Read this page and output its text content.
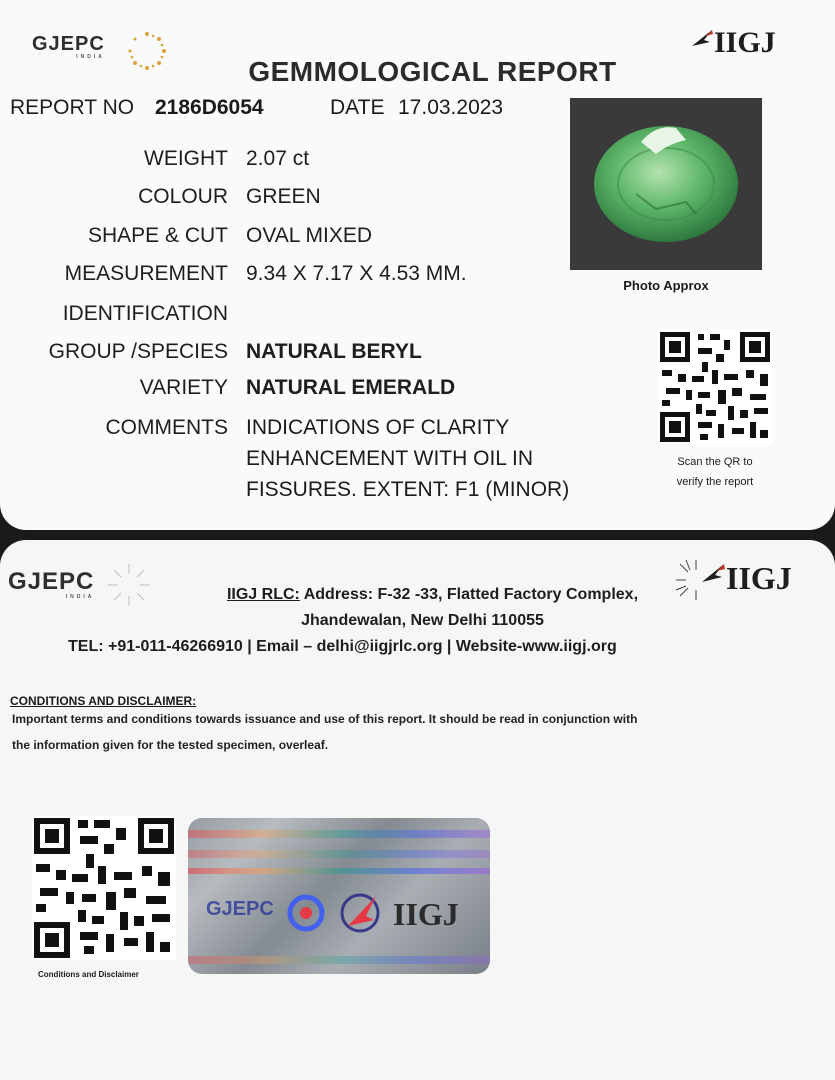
GJEPC
INDIA	IIGJ
GEMMOLOGICAL REPORT
REPORT NO 2186D6054	DATE 17.03.2023
WEIGHT 2.07 ct
COLOUR GREEN
SHAPE & CUT OVAL MIXED
MEASUREMENT 9.34 X 7.17 X 4.53 MM.
IDENTIFICATION
GROUP /SPECIES NATURAL BERYL
VARIETY NATURAL EMERALD
COMMENTS INDICATIONS OF CLARITY
ENHANCEMENT WITH OIL IN
FISSURES. EXTENT: F1 (MINOR)
Photo Approx
Scan the QR to
verify the report
GJEPC
INDIA
IIGJ
IIGJ RLC: Address: F-32 -33, Flatted Factory Complex,
Jhandewalan, New Delhi 110055
TEL: +91-011-46266910 | Email – delhi@iigjrlc.org | Website-www.iigj.org
CONDITIONS AND DISCLAIMER:
Important terms and conditions towards issuance and use of this report. It should be read in conjunction with
the information given for the tested specimen, overleaf.
Conditions and Disclaimer
GJEPC	IIGJ
